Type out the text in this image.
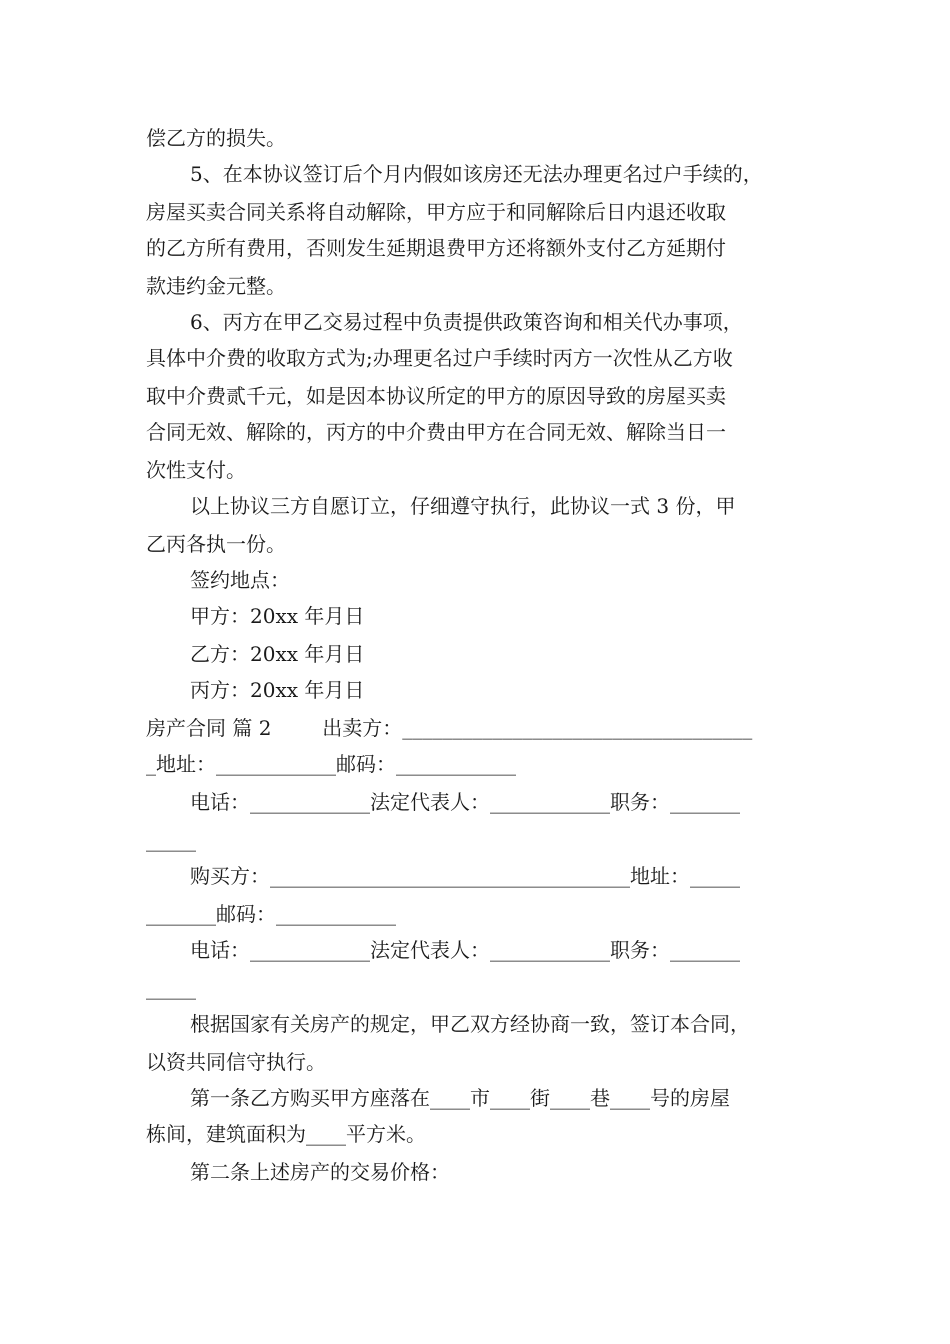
偿乙方的损失。
5、在本协议签订后个月内假如该房还无法办理更名过户手续的，
房屋买卖合同关系将自动解除，甲方应于和同解除后日内退还收取
的乙方所有费用，否则发生延期退费甲方还将额外支付乙方延期付
款违约金元整。
6、丙方在甲乙交易过程中负责提供政策咨询和相关代办事项，
具体中介费的收取方式为;办理更名过户手续时丙方一次性从乙方收
取中介费贰千元，如是因本协议所定的甲方的原因导致的房屋买卖
合同无效、解除的，丙方的中介费由甲方在合同无效、解除当日一
次性支付。
以上协议三方自愿订立，仔细遵守执行，此协议一式 3 份，甲
乙丙各执一份。
签约地点：
甲方：20xx 年月日
乙方：20xx 年月日
丙方：20xx 年月日
房产合同 篇 2        出卖方：___________________________________
_地址：____________邮码：____________
电话：____________法定代表人：____________职务：_______
_____
购买方：____________________________________地址：_____
_______邮码：____________
电话：____________法定代表人：____________职务：_______
_____
根据国家有关房产的规定，甲乙双方经协商一致，签订本合同，
以资共同信守执行。
第一条乙方购买甲方座落在____市____街____巷____号的房屋
栋间，建筑面积为____平方米。
第二条上述房产的交易价格：
